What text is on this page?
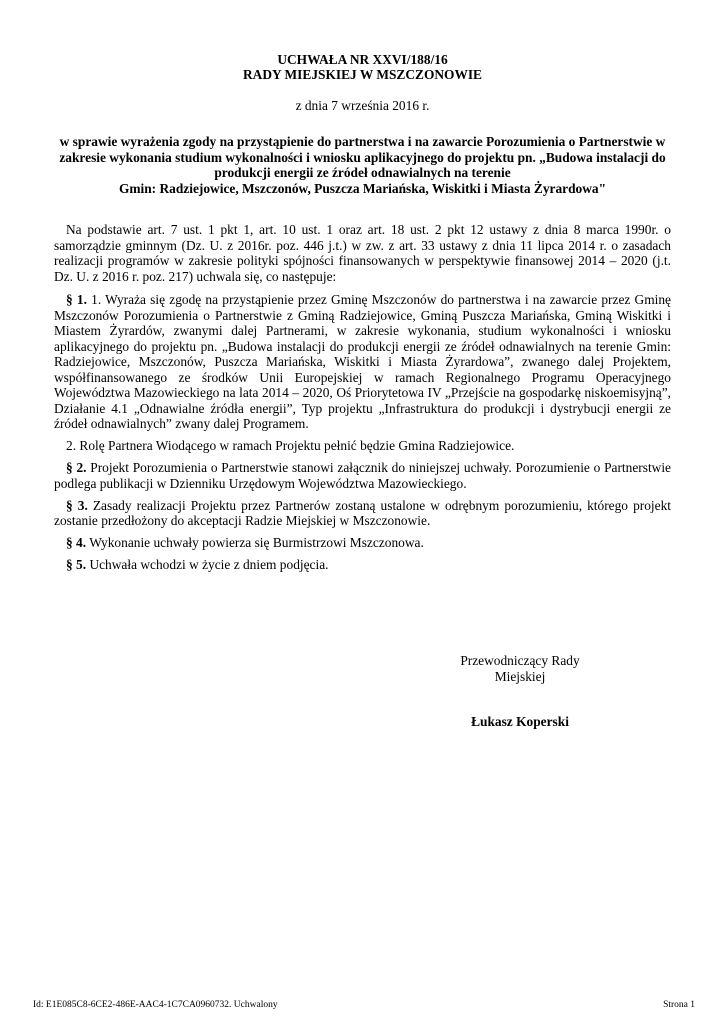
UCHWAŁA NR XXVI/188/16
RADY MIEJSKIEJ W MSZCZONOWIE
z dnia 7 września 2016 r.
w sprawie wyrażenia zgody na przystąpienie do partnerstwa i na zawarcie Porozumienia o Partnerstwie w
zakresie wykonania studium wykonalności i wniosku aplikacyjnego do projektu pn. „Budowa instalacji do
produkcji energii ze źródeł odnawialnych na terenie
Gmin: Radziejowice, Mszczonów, Puszcza Mariańska, Wiskitki i Miasta Żyrardowa"

Na podstawie art. 7 ust. 1 pkt 1, art. 10 ust. 1 oraz art. 18 ust. 2 pkt 12 ustawy z dnia 8 marca 1990r. o samorządzie gminnym (Dz. U. z 2016r. poz. 446 j.t.) w zw. z art. 33 ustawy z dnia 11 lipca 2014 r. o zasadach realizacji programów w zakresie polityki spójności finansowanych w perspektywie finansowej 2014 – 2020 (j.t. Dz. U. z 2016 r. poz. 217) uchwala się, co następuje:

§ 1. 1. Wyraża się zgodę na przystąpienie przez Gminę Mszczonów do partnerstwa i na zawarcie przez Gminę Mszczonów Porozumienia o Partnerstwie z Gminą Radziejowice, Gminą Puszcza Mariańska, Gminą Wiskitki i Miastem Żyrardów, zwanymi dalej Partnerami, w zakresie wykonania, studium wykonalności i wniosku aplikacyjnego do projektu pn. „Budowa instalacji do produkcji energii ze źródeł odnawialnych na terenie Gmin: Radziejowice, Mszczonów, Puszcza Mariańska, Wiskitki i Miasta Żyrardowa”, zwanego dalej Projektem, współfinansowanego ze środków Unii Europejskiej w ramach Regionalnego Programu Operacyjnego Województwa Mazowieckiego na lata 2014 – 2020, Oś Priorytetowa IV „Przejście na gospodarkę niskoemisyjną”, Działanie 4.1 „Odnawialne źródła energii”, Typ projektu „Infrastruktura do produkcji i dystrybucji energii ze źródeł odnawialnych” zwany dalej Programem.

2. Rolę Partnera Wiodącego w ramach Projektu pełnić będzie Gmina Radziejowice.

§ 2. Projekt Porozumienia o Partnerstwie stanowi załącznik do niniejszej uchwały. Porozumienie o Partnerstwie podlega publikacji w Dzienniku Urzędowym Województwa Mazowieckiego.

§ 3. Zasady realizacji Projektu przez Partnerów zostaną ustalone w odrębnym porozumieniu, którego projekt zostanie przedłożony do akceptacji Radzie Miejskiej w Mszczonowie.

§ 4. Wykonanie uchwały powierza się Burmistrzowi Mszczonowa.

§ 5. Uchwała wchodzi w życie z dniem podjęcia.

Przewodniczący Rady
Miejskiej
Łukasz Koperski
Id: E1E085C8-6CE2-486E-AAC4-1C7CA0960732. Uchwalony	Strona 1
